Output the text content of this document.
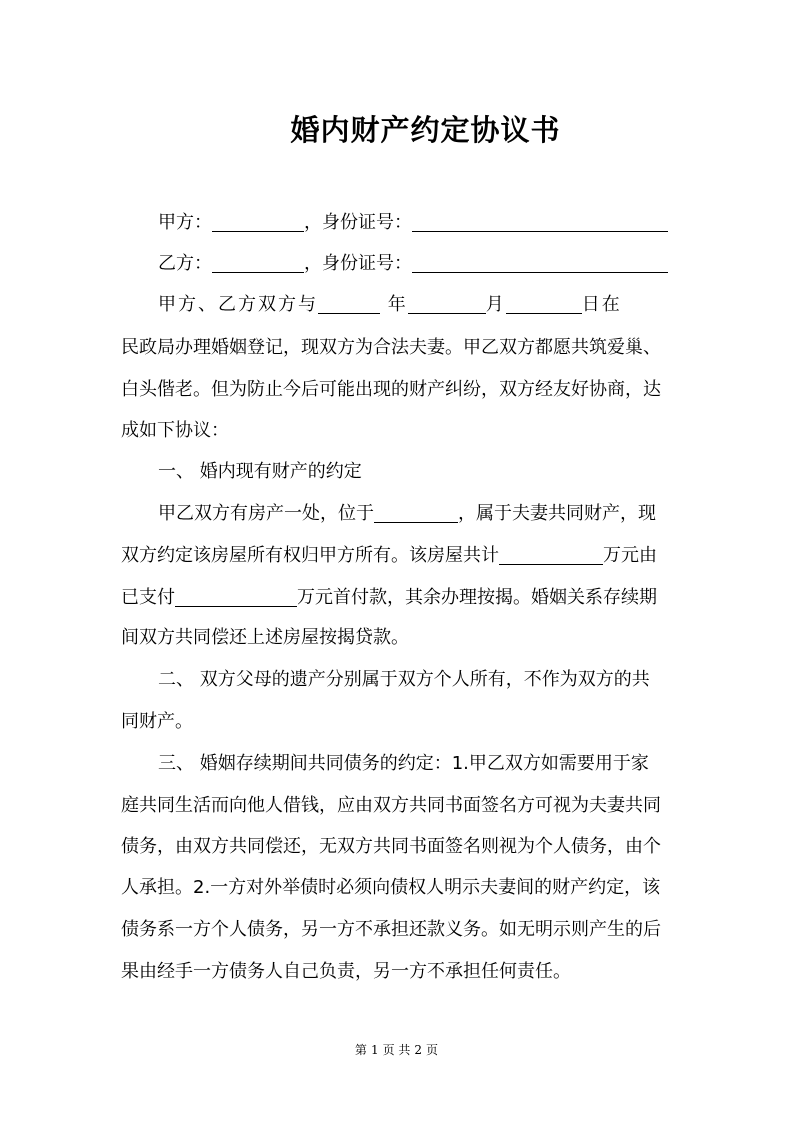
婚内财产约定协议书
甲方：	，身份证号：
乙方：	，身份证号：
甲方、乙方双方与	年	月	日在
民政局办理婚姻登记，现双方为合法夫妻。甲乙双方都愿共筑爱巢、
白头偕老。但为防止今后可能出现的财产纠纷，双方经友好协商，达
成如下协议：
一、 婚内现有财产的约定
甲乙双方有房产一处，位于	，属于夫妻共同财产，现
双方约定该房屋所有权归甲方所有。该房屋共计	万元由
已支付	万元首付款，其余办理按揭。婚姻关系存续期
间双方共同偿还上述房屋按揭贷款。
二、 双方父母的遗产分别属于双方个人所有，不作为双方的共
同财产。
三、 婚姻存续期间共同债务的约定：1.甲乙双方如需要用于家
庭共同生活而向他人借钱，应由双方共同书面签名方可视为夫妻共同
债务，由双方共同偿还，无双方共同书面签名则视为个人债务，由个
人承担。2.一方对外举债时必须向债权人明示夫妻间的财产约定，该
债务系一方个人债务，另一方不承担还款义务。如无明示则产生的后
果由经手一方债务人自己负责，另一方不承担任何责任。
第 1 页 共 2 页
